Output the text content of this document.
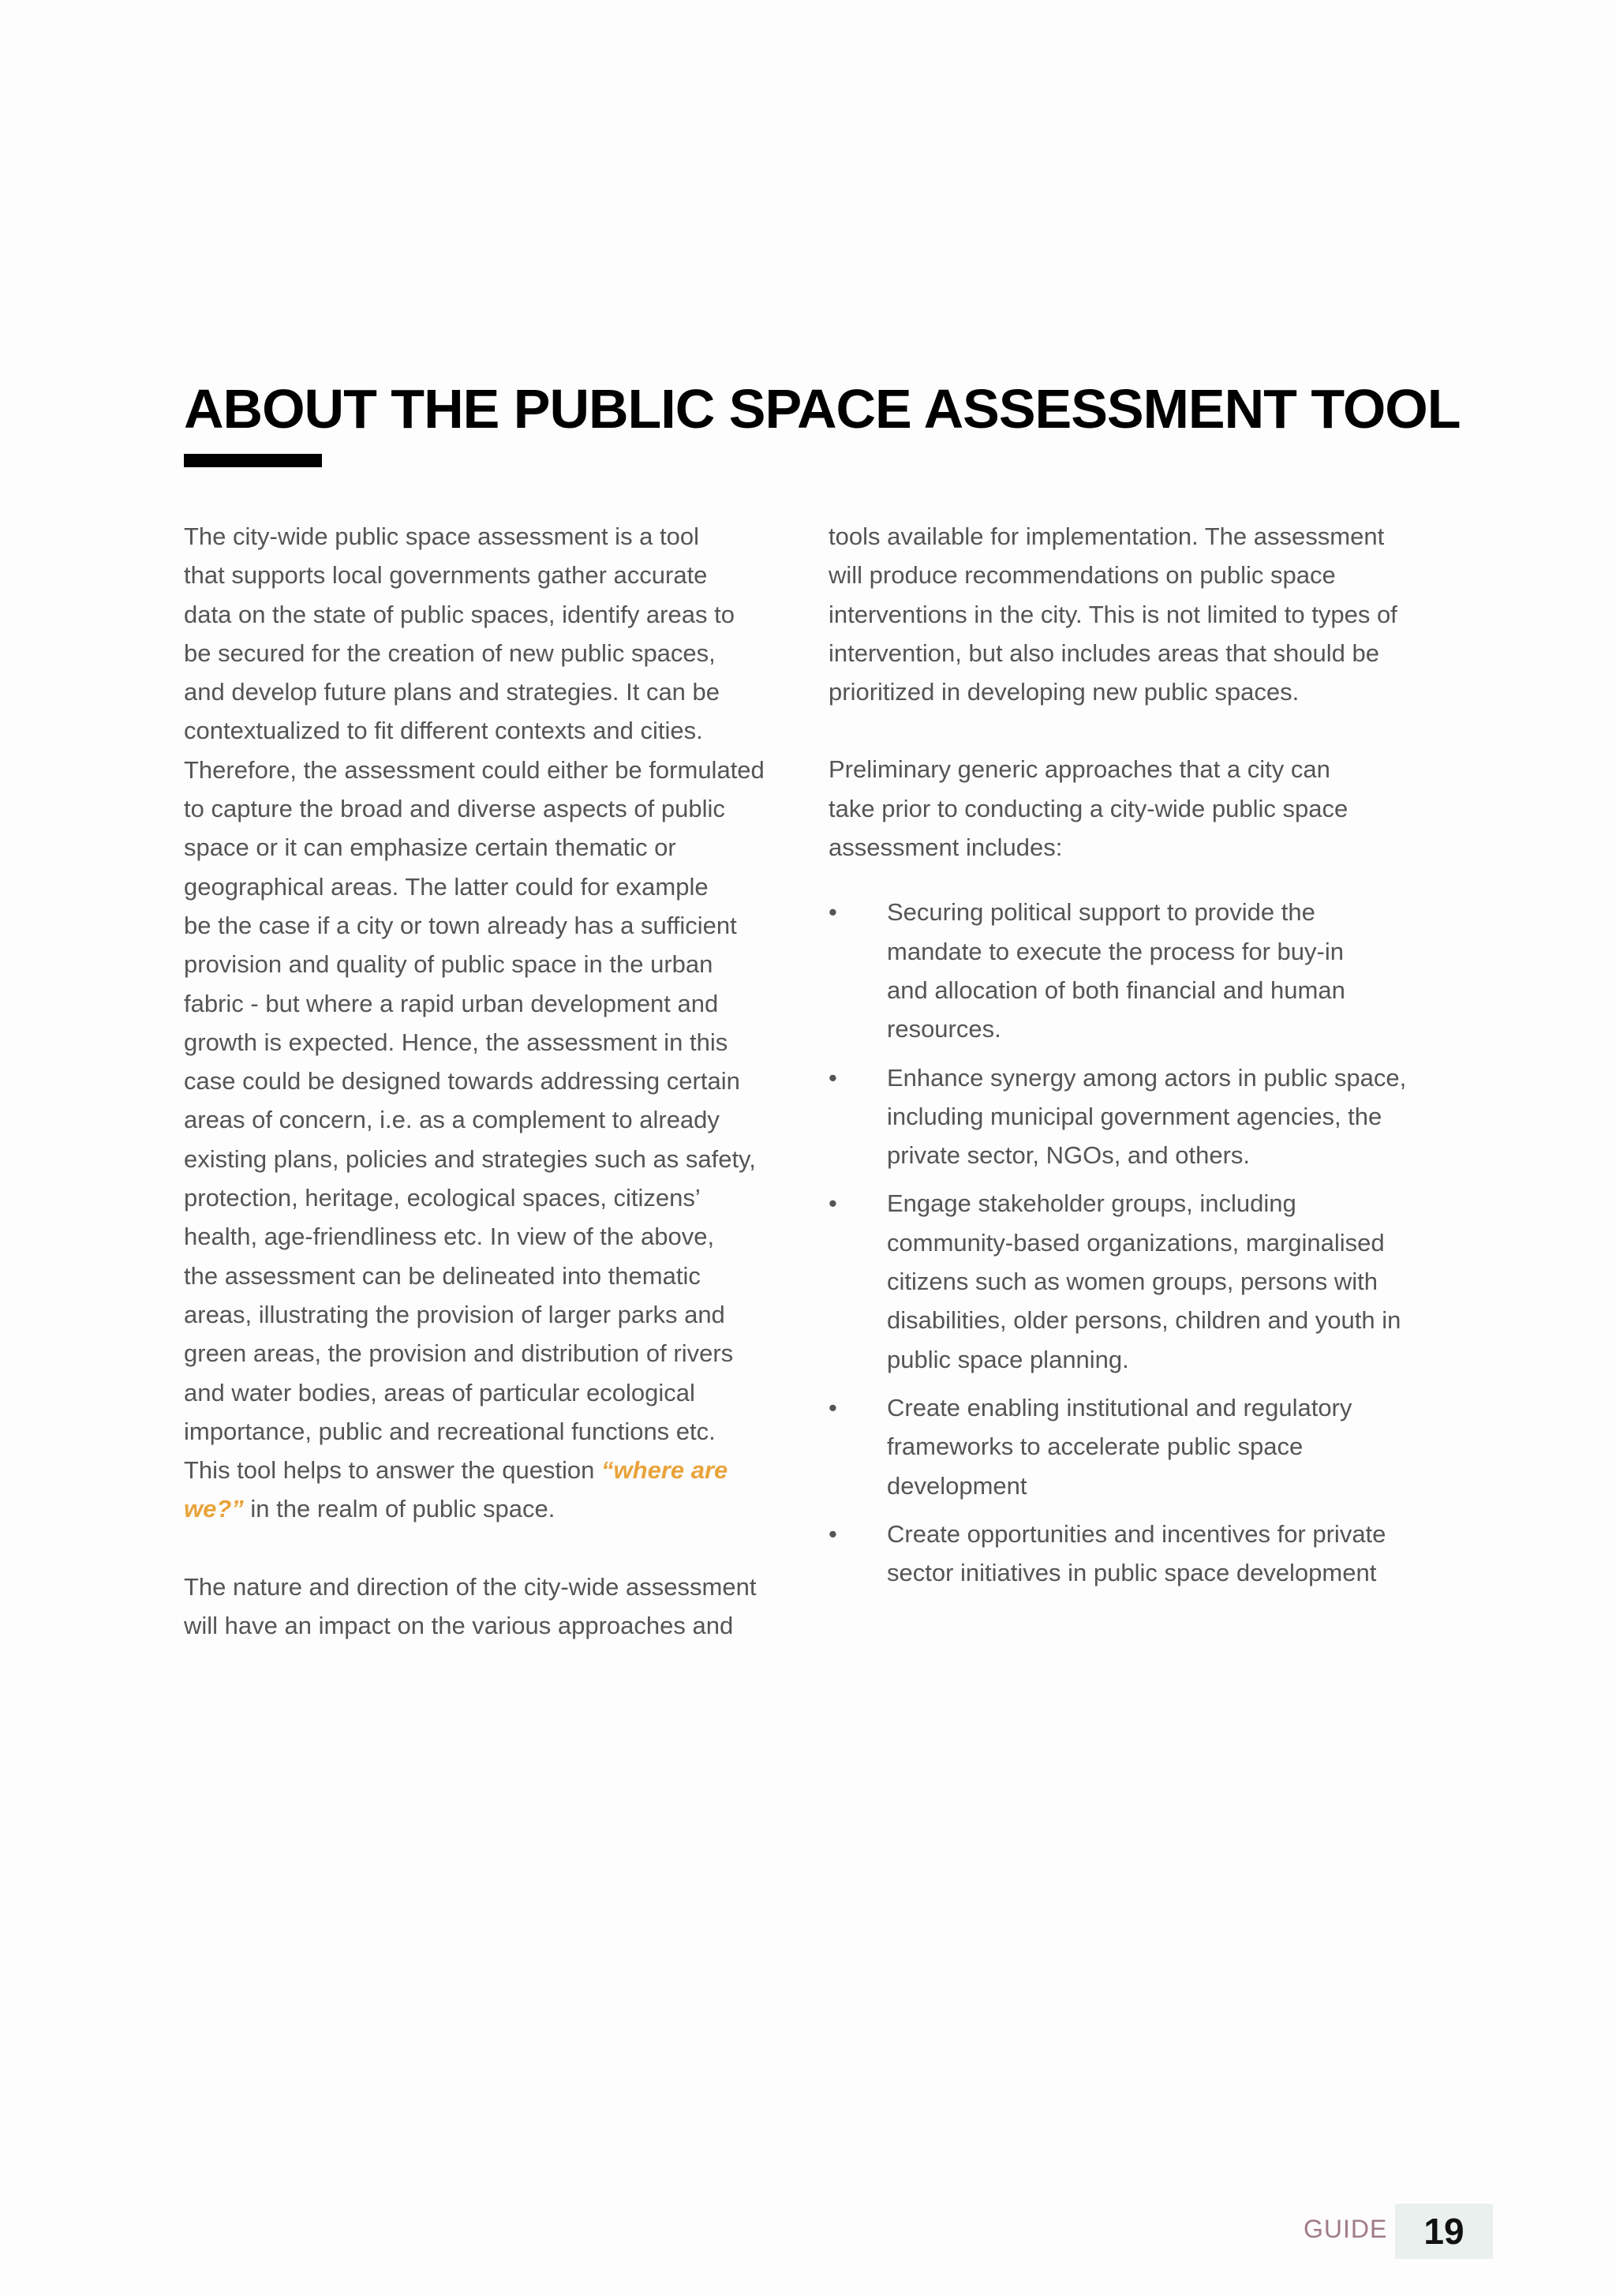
ABOUT THE PUBLIC SPACE ASSESSMENT TOOL

The city-wide public space assessment is a tool
that supports local governments gather accurate
data on the state of public spaces, identify areas to
be secured for the creation of new public spaces,
and develop future plans and strategies. It can be
contextualized to fit different contexts and cities.
Therefore, the assessment could either be formulated
to capture the broad and diverse aspects of public
space or it can emphasize certain thematic or
geographical areas. The latter could for example
be the case if a city or town already has a sufficient
provision and quality of public space in the urban
fabric - but where a rapid urban development and
growth is expected. Hence, the assessment in this
case could be designed towards addressing certain
areas of concern, i.e. as a complement to already
existing plans, policies and strategies such as safety,
protection, heritage, ecological spaces, citizens’
health, age-friendliness etc. In view of the above,
the assessment can be delineated into thematic
areas, illustrating the provision of larger parks and
green areas, the provision and distribution of rivers
and water bodies, areas of particular ecological
importance, public and recreational functions etc.

This tool helps to answer the question “where are
we?” in the realm of public space.

The nature and direction of the city-wide assessment
will have an impact on the various approaches and

tools available for implementation. The assessment
will produce recommendations on public space
interventions in the city. This is not limited to types of
intervention, but also includes areas that should be
prioritized in developing new public spaces.

Preliminary generic approaches that a city can
take prior to conducting a city-wide public space
assessment includes:

• Securing political support to provide the
mandate to execute the process for buy-in
and allocation of both financial and human
resources.
• Enhance synergy among actors in public space,
including municipal government agencies, the
private sector, NGOs, and others.
• Engage stakeholder groups, including
community-based organizations, marginalised
citizens such as women groups, persons with
disabilities, older persons, children and youth in
public space planning.
• Create enabling institutional and regulatory
frameworks to accelerate public space
development
• Create opportunities and incentives for private
sector initiatives in public space development
GUIDE 19
